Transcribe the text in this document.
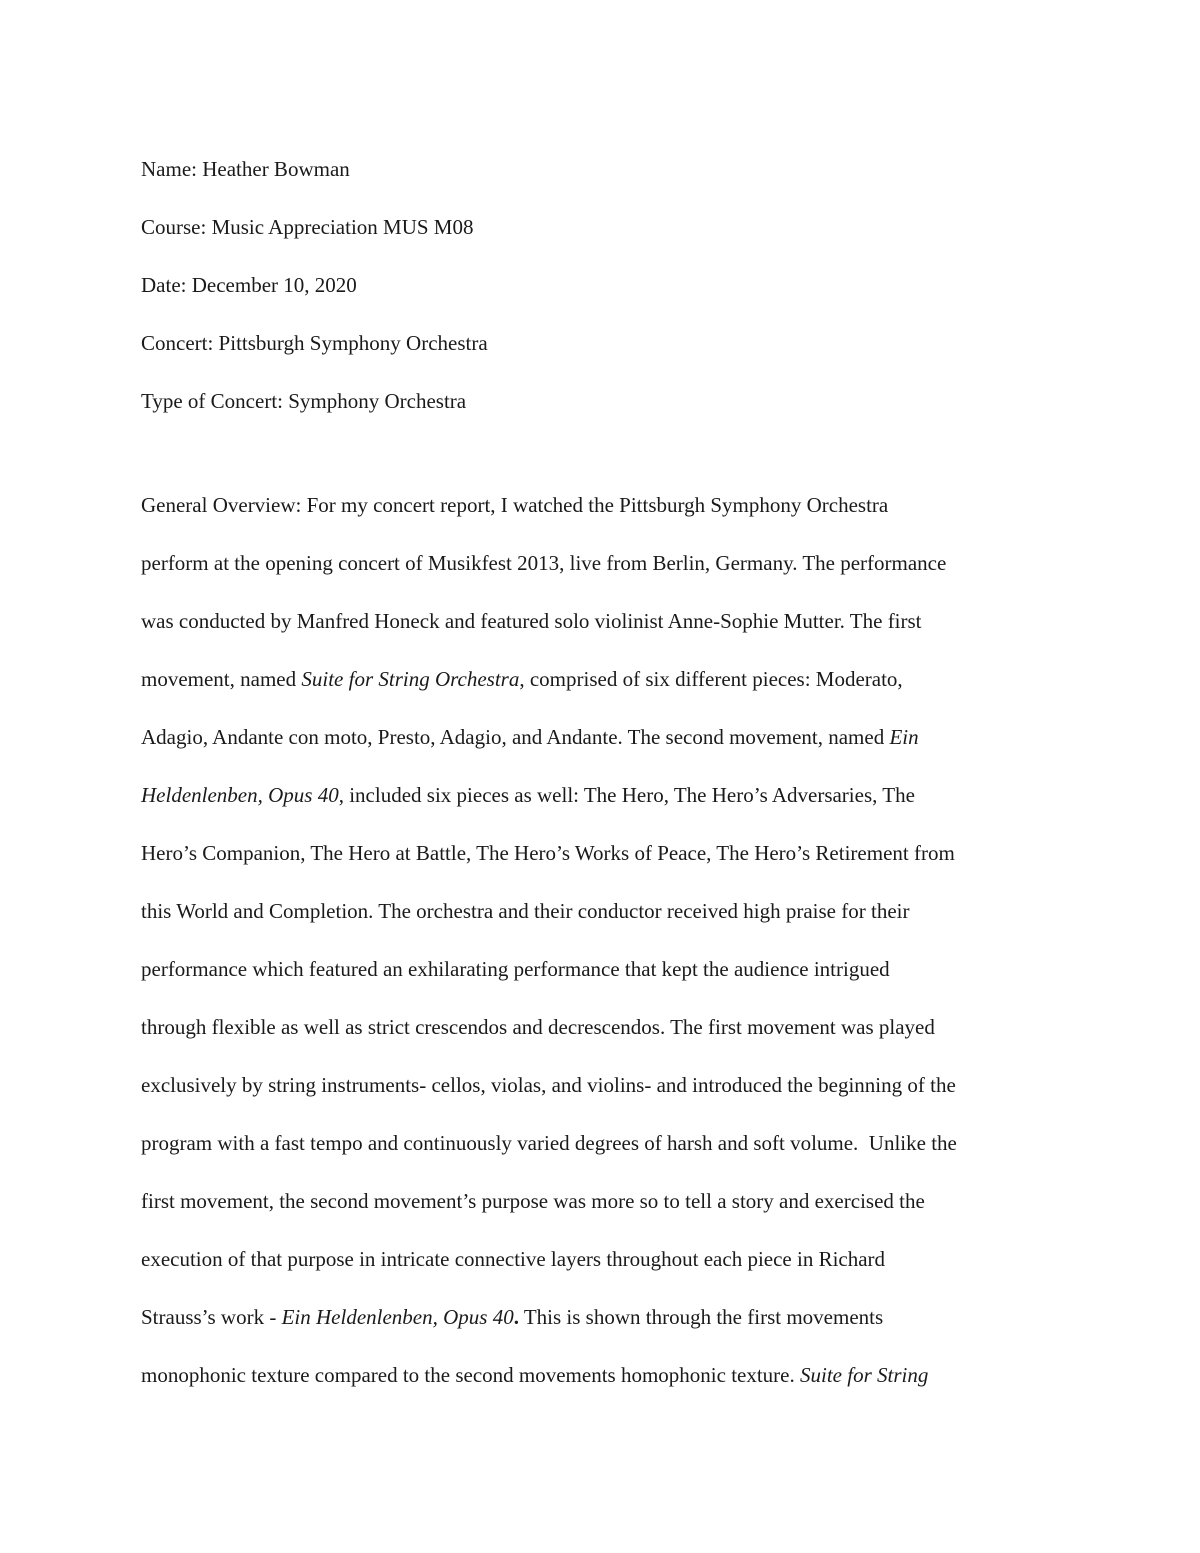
Name: Heather Bowman
Course: Music Appreciation MUS M08
Date: December 10, 2020
Concert: Pittsburgh Symphony Orchestra
Type of Concert: Symphony Orchestra
General Overview: For my concert report, I watched the Pittsburgh Symphony Orchestra
perform at the opening concert of Musikfest 2013, live from Berlin, Germany. The performance
was conducted by Manfred Honeck and featured solo violinist Anne-Sophie Mutter. The first
movement, named Suite for String Orchestra, comprised of six different pieces: Moderato,
Adagio, Andante con moto, Presto, Adagio, and Andante. The second movement, named Ein
Heldenlenben, Opus 40, included six pieces as well: The Hero, The Hero’s Adversaries, The
Hero’s Companion, The Hero at Battle, The Hero’s Works of Peace, The Hero’s Retirement from
this World and Completion. The orchestra and their conductor received high praise for their
performance which featured an exhilarating performance that kept the audience intrigued
through flexible as well as strict crescendos and decrescendos. The first movement was played
exclusively by string instruments- cellos, violas, and violins- and introduced the beginning of the
program with a fast tempo and continuously varied degrees of harsh and soft volume.  Unlike the
first movement, the second movement’s purpose was more so to tell a story and exercised the
execution of that purpose in intricate connective layers throughout each piece in Richard
Strauss’s work - Ein Heldenlenben, Opus 40. This is shown through the first movements
monophonic texture compared to the second movements homophonic texture. Suite for String
